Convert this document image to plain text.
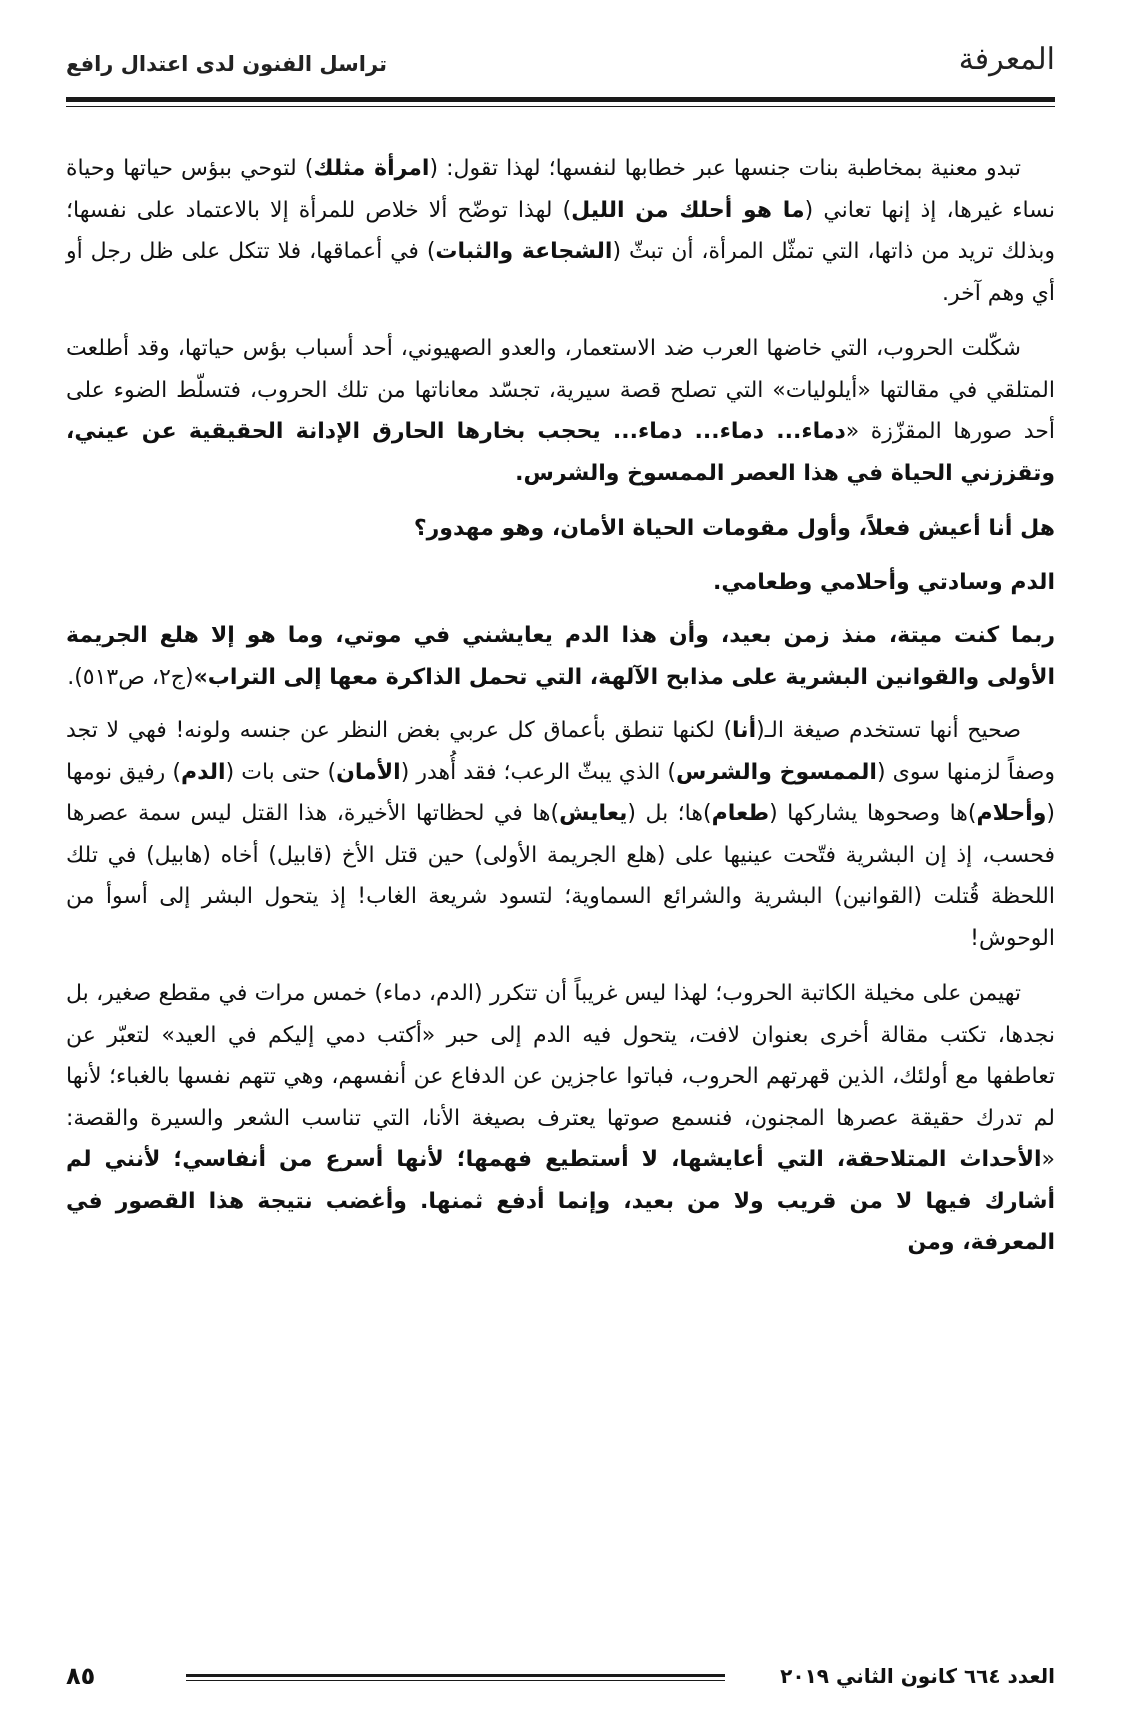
المعرفة
تراسل الفنون لدى اعتدال رافع

تبدو معنية بمخاطبة بنات جنسها عبر خطابها لنفسها؛ لهذا تقول: (امرأة مثلك) لتوحي ببؤس حياتها وحياة نساء غيرها، إذ إنها تعاني (ما هو أحلك من الليل) لهذا توضّح ألا خلاص للمرأة إلا بالاعتماد على نفسها؛ وبذلك تريد من ذاتها، التي تمثّل المرأة، أن تبثّ (الشجاعة والثبات) في أعماقها، فلا تتكل على ظل رجل أو أي وهم آخر.

شكّلت الحروب، التي خاضها العرب ضد الاستعمار، والعدو الصهيوني، أحد أسباب بؤس حياتها، وقد أطلعت المتلقي في مقالتها «أيلوليات» التي تصلح قصة سيرية، تجسّد معاناتها من تلك الحروب، فتسلّط الضوء على أحد صورها المقزّزة «دماء... دماء... دماء... يحجب بخارها الحارق الإدانة الحقيقية عن عيني، وتقززني الحياة في هذا العصر الممسوخ والشرس.

هل أنا أعيش فعلاً، وأول مقومات الحياة الأمان، وهو مهدور؟

الدم وسادتي وأحلامي وطعامي.

ربما كنت ميتة، منذ زمن بعيد، وأن هذا الدم يعايشني في موتي، وما هو إلا هلع الجريمة الأولى والقوانين البشرية على مذابح الآلهة، التي تحمل الذاكرة معها إلى التراب»(ج٢، ص٥١٣).

صحيح أنها تستخدم صيغة الـ(أنا) لكنها تنطق بأعماق كل عربي بغض النظر عن جنسه ولونه! فهي لا تجد وصفاً لزمنها سوى (الممسوخ والشرس) الذي يبثّ الرعب؛ فقد أُهدر (الأمان) حتى بات (الدم) رفيق نومها (وأحلام)ها وصحوها يشاركها (طعام)ها؛ بل (يعايش)ها في لحظاتها الأخيرة، هذا القتل ليس سمة عصرها فحسب، إذ إن البشرية فتّحت عينيها على (هلع الجريمة الأولى) حين قتل الأخ (قابيل) أخاه (هابيل) في تلك اللحظة قُتلت (القوانين) البشرية والشرائع السماوية؛ لتسود شريعة الغاب! إذ يتحول البشر إلى أسوأ من الوحوش!

تهيمن على مخيلة الكاتبة الحروب؛ لهذا ليس غريباً أن تتكرر (الدم، دماء) خمس مرات في مقطع صغير، بل نجدها، تكتب مقالة أخرى بعنوان لافت، يتحول فيه الدم إلى حبر «أكتب دمي إليكم في العيد» لتعبّر عن تعاطفها مع أولئك، الذين قهرتهم الحروب، فباتوا عاجزين عن الدفاع عن أنفسهم، وهي تتهم نفسها بالغباء؛ لأنها لم تدرك حقيقة عصرها المجنون، فنسمع صوتها يعترف بصيغة الأنا، التي تناسب الشعر والسيرة والقصة: «الأحداث المتلاحقة، التي أعايشها، لا أستطيع فهمها؛ لأنها أسرع من أنفاسي؛ لأنني لم أشارك فيها لا من قريب ولا من بعيد، وإنما أدفع ثمنها. وأغضب نتيجة هذا القصور في المعرفة، ومن

٨٥	العدد ٦٦٤ كانون الثاني ٢٠١٩
